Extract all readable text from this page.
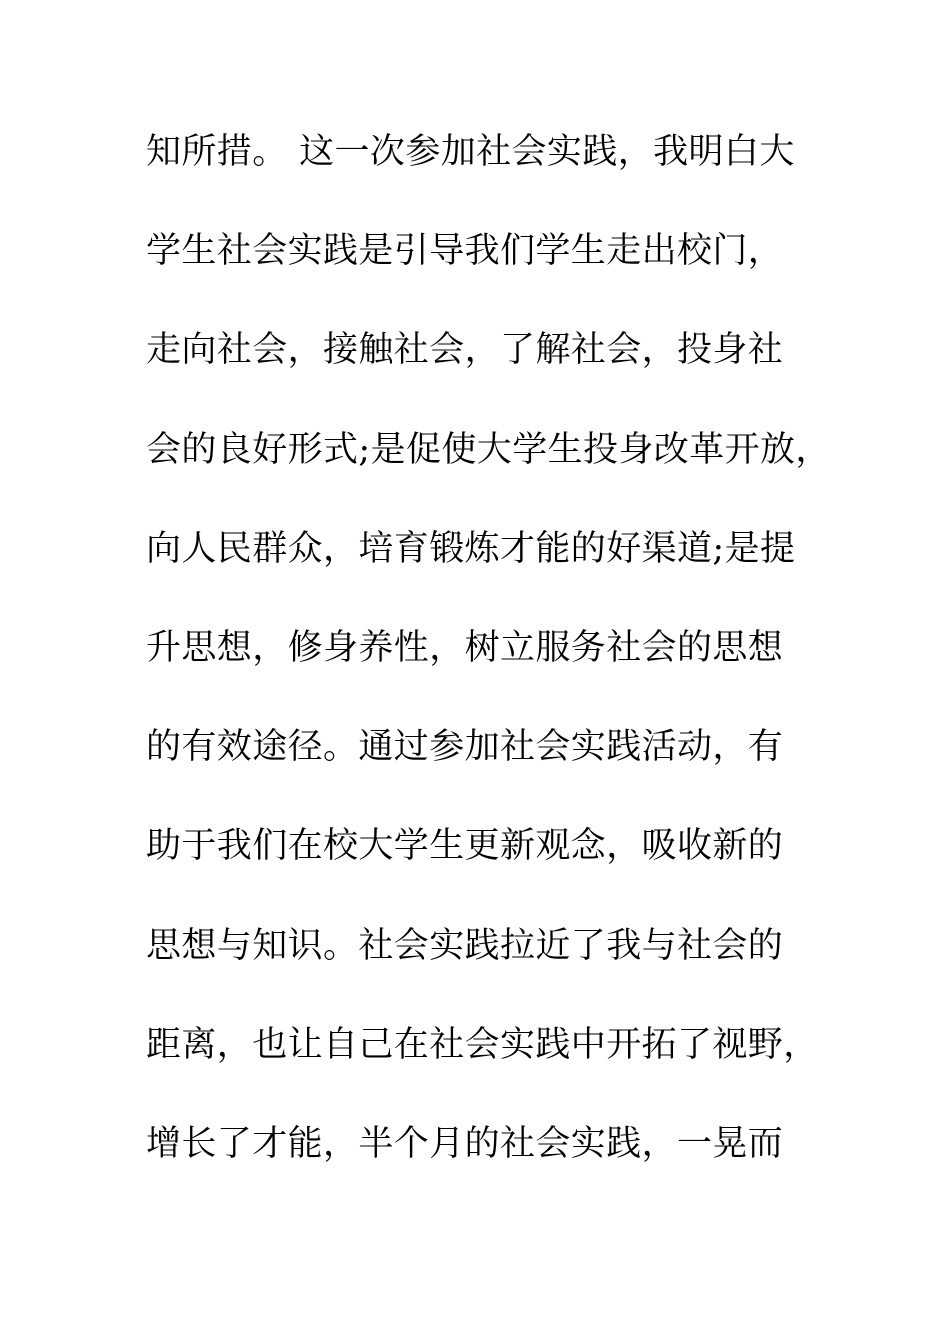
知所措。 这一次参加社会实践，我明白大
学生社会实践是引导我们学生走出校门，
走向社会，接触社会，了解社会，投身社
会的良好形式;是促使大学生投身改革开放，
向人民群众，培育锻炼才能的好渠道;是提
升思想，修身养性，树立服务社会的思想
的有效途径。通过参加社会实践活动，有
助于我们在校大学生更新观念，吸收新的
思想与知识。社会实践拉近了我与社会的
距离，也让自己在社会实践中开拓了视野，
增长了才能，半个月的社会实践，一晃而
